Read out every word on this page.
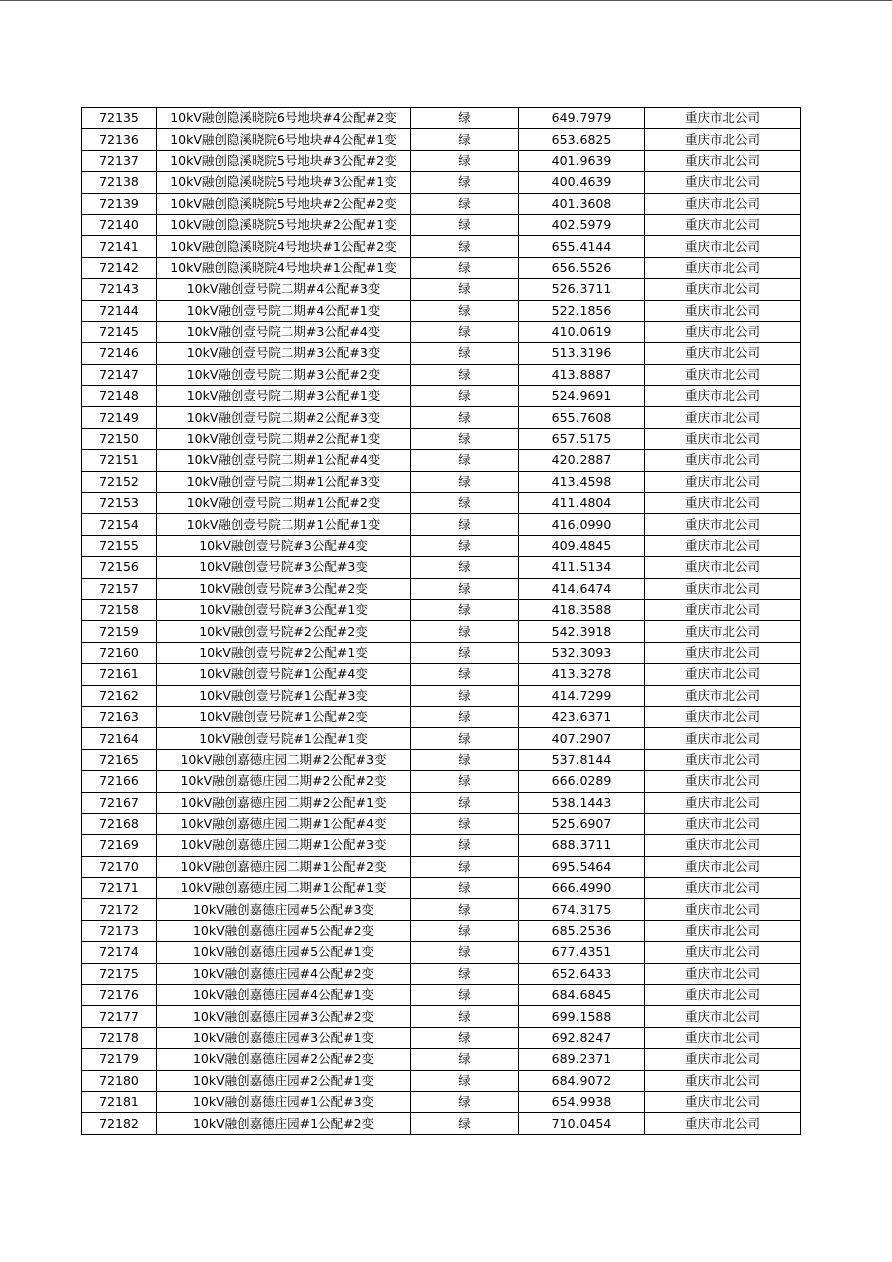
72135	10kV融创隐溪晓院6号地块#4公配#2变	绿	649.7979	重庆市北公司
72136	10kV融创隐溪晓院6号地块#4公配#1变	绿	653.6825	重庆市北公司
72137	10kV融创隐溪晓院5号地块#3公配#2变	绿	401.9639	重庆市北公司
72138	10kV融创隐溪晓院5号地块#3公配#1变	绿	400.4639	重庆市北公司
72139	10kV融创隐溪晓院5号地块#2公配#2变	绿	401.3608	重庆市北公司
72140	10kV融创隐溪晓院5号地块#2公配#1变	绿	402.5979	重庆市北公司
72141	10kV融创隐溪晓院4号地块#1公配#2变	绿	655.4144	重庆市北公司
72142	10kV融创隐溪晓院4号地块#1公配#1变	绿	656.5526	重庆市北公司
72143	10kV融创壹号院二期#4公配#3变	绿	526.3711	重庆市北公司
72144	10kV融创壹号院二期#4公配#1变	绿	522.1856	重庆市北公司
72145	10kV融创壹号院二期#3公配#4变	绿	410.0619	重庆市北公司
72146	10kV融创壹号院二期#3公配#3变	绿	513.3196	重庆市北公司
72147	10kV融创壹号院二期#3公配#2变	绿	413.8887	重庆市北公司
72148	10kV融创壹号院二期#3公配#1变	绿	524.9691	重庆市北公司
72149	10kV融创壹号院二期#2公配#3变	绿	655.7608	重庆市北公司
72150	10kV融创壹号院二期#2公配#1变	绿	657.5175	重庆市北公司
72151	10kV融创壹号院二期#1公配#4变	绿	420.2887	重庆市北公司
72152	10kV融创壹号院二期#1公配#3变	绿	413.4598	重庆市北公司
72153	10kV融创壹号院二期#1公配#2变	绿	411.4804	重庆市北公司
72154	10kV融创壹号院二期#1公配#1变	绿	416.0990	重庆市北公司
72155	10kV融创壹号院#3公配#4变	绿	409.4845	重庆市北公司
72156	10kV融创壹号院#3公配#3变	绿	411.5134	重庆市北公司
72157	10kV融创壹号院#3公配#2变	绿	414.6474	重庆市北公司
72158	10kV融创壹号院#3公配#1变	绿	418.3588	重庆市北公司
72159	10kV融创壹号院#2公配#2变	绿	542.3918	重庆市北公司
72160	10kV融创壹号院#2公配#1变	绿	532.3093	重庆市北公司
72161	10kV融创壹号院#1公配#4变	绿	413.3278	重庆市北公司
72162	10kV融创壹号院#1公配#3变	绿	414.7299	重庆市北公司
72163	10kV融创壹号院#1公配#2变	绿	423.6371	重庆市北公司
72164	10kV融创壹号院#1公配#1变	绿	407.2907	重庆市北公司
72165	10kV融创嘉德庄园二期#2公配#3变	绿	537.8144	重庆市北公司
72166	10kV融创嘉德庄园二期#2公配#2变	绿	666.0289	重庆市北公司
72167	10kV融创嘉德庄园二期#2公配#1变	绿	538.1443	重庆市北公司
72168	10kV融创嘉德庄园二期#1公配#4变	绿	525.6907	重庆市北公司
72169	10kV融创嘉德庄园二期#1公配#3变	绿	688.3711	重庆市北公司
72170	10kV融创嘉德庄园二期#1公配#2变	绿	695.5464	重庆市北公司
72171	10kV融创嘉德庄园二期#1公配#1变	绿	666.4990	重庆市北公司
72172	10kV融创嘉德庄园#5公配#3变	绿	674.3175	重庆市北公司
72173	10kV融创嘉德庄园#5公配#2变	绿	685.2536	重庆市北公司
72174	10kV融创嘉德庄园#5公配#1变	绿	677.4351	重庆市北公司
72175	10kV融创嘉德庄园#4公配#2变	绿	652.6433	重庆市北公司
72176	10kV融创嘉德庄园#4公配#1变	绿	684.6845	重庆市北公司
72177	10kV融创嘉德庄园#3公配#2变	绿	699.1588	重庆市北公司
72178	10kV融创嘉德庄园#3公配#1变	绿	692.8247	重庆市北公司
72179	10kV融创嘉德庄园#2公配#2变	绿	689.2371	重庆市北公司
72180	10kV融创嘉德庄园#2公配#1变	绿	684.9072	重庆市北公司
72181	10kV融创嘉德庄园#1公配#3变	绿	654.9938	重庆市北公司
72182	10kV融创嘉德庄园#1公配#2变	绿	710.0454	重庆市北公司
